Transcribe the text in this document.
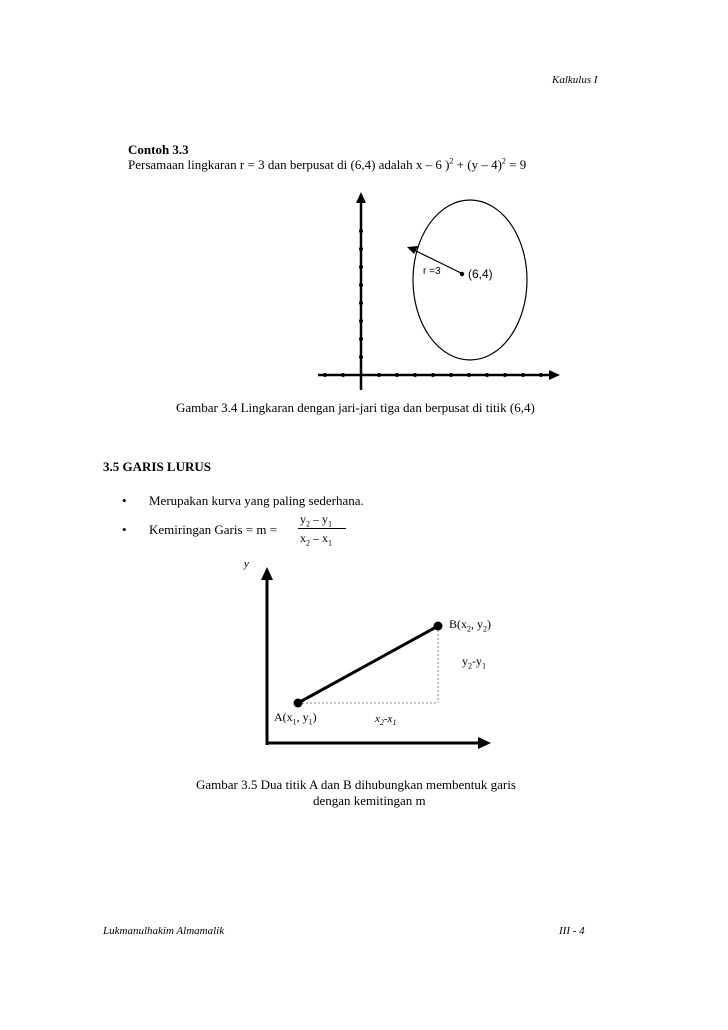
Kalkulus I
Contoh 3.3
Persamaan lingkaran r = 3 dan berpusat di (6,4) adalah x – 6 )$^2$ + (y – 4)$^2$ = 9
r =3 (6,4)
Gambar 3.4 Lingkaran dengan jari-jari tiga dan berpusat di titik (6,4)
3.5 GARIS LURUS
• Merupakan kurva yang paling sederhana.
• Kemiringan Garis = m =
$y_2 - y_1$
$x_2 - x_1$
y
$B(x_2$, $y_2$)
$y_2-y_1$
$A(x_1$, $y_1$)	$x_2-x_1$
Gambar 3.5 Dua titik A dan B dihubungkan membentuk garis
dengan kemitingan m
Lukmanulhakim Almamalik	III - 4
